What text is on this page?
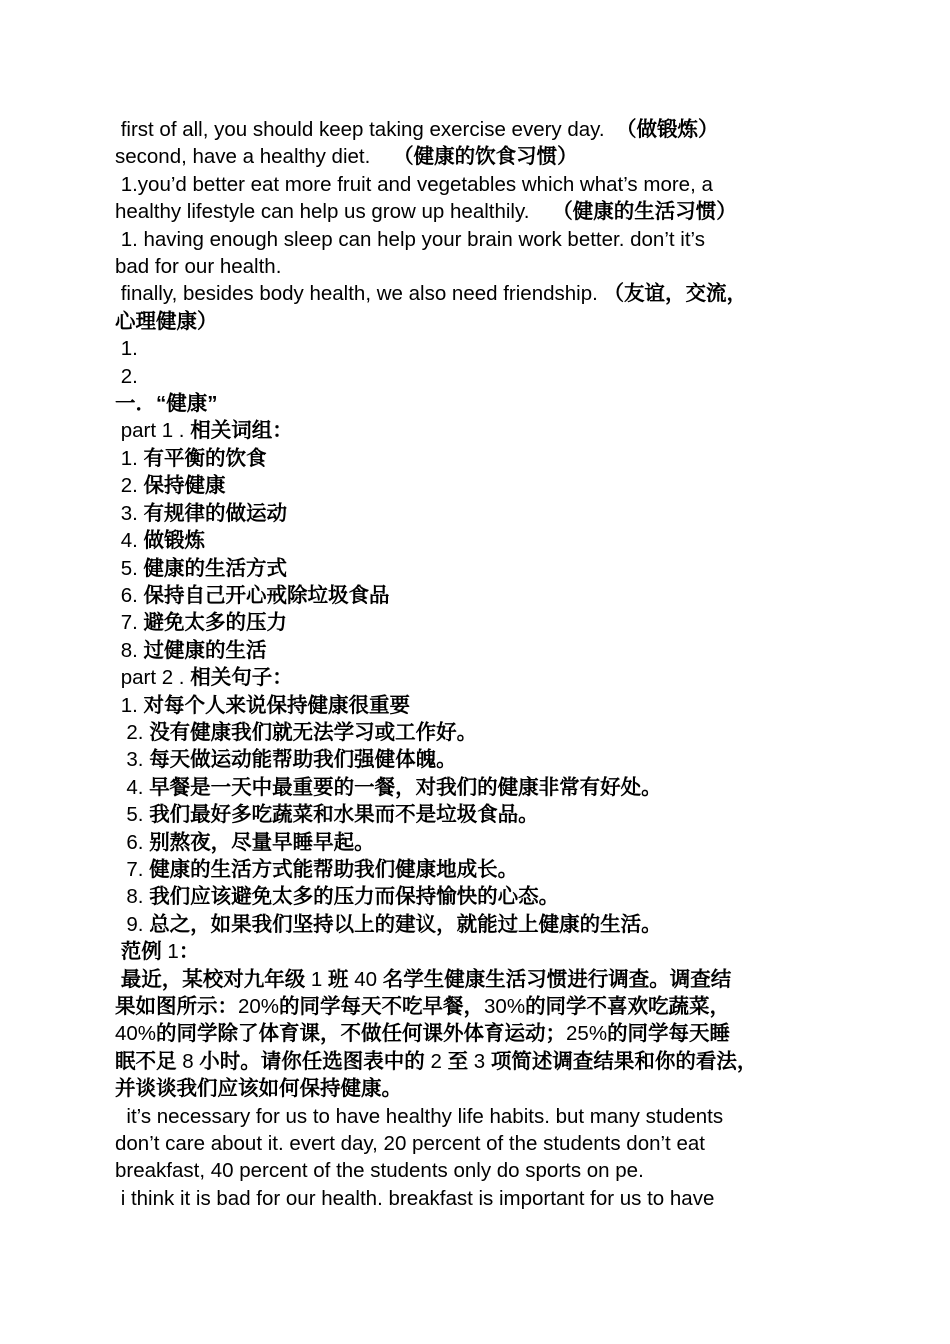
first of all, you should keep taking exercise every day.  （做锻炼）
second, have a healthy diet.    （健康的饮食习惯）
1.you’d better eat more fruit and vegetables which what’s more, a
healthy lifestyle can help us grow up healthily.    （健康的生活习惯）
1. having enough sleep can help your brain work better. don’t it’s
bad for our health.
finally, besides body health, we also need friendship. （友谊，交流，
心理健康）
1.
2.
一．“健康”
part 1 . 相关词组：
1. 有平衡的饮食
2. 保持健康
3. 有规律的做运动
4. 做锻炼
5. 健康的生活方式
6. 保持自己开心戒除垃圾食品
7. 避免太多的压力
8. 过健康的生活
part 2 . 相关句子：
1. 对每个人来说保持健康很重要
2. 没有健康我们就无法学习或工作好。
3. 每天做运动能帮助我们强健体魄。
4. 早餐是一天中最重要的一餐，对我们的健康非常有好处。
5. 我们最好多吃蔬菜和水果而不是垃圾食品。
6. 别熬夜，尽量早睡早起。
7. 健康的生活方式能帮助我们健康地成长。
8. 我们应该避免太多的压力而保持愉快的心态。
9. 总之，如果我们坚持以上的建议，就能过上健康的生活。
范例 1：
最近，某校对九年级 1 班 40 名学生健康生活习惯进行调查。调查结
果如图所示：20%的同学每天不吃早餐，30%的同学不喜欢吃蔬菜，
40%的同学除了体育课，不做任何课外体育运动；25%的同学每天睡
眠不足 8 小时。请你任选图表中的 2 至 3 项简述调查结果和你的看法，
并谈谈我们应该如何保持健康。
it’s necessary for us to have healthy life habits. but many students
don’t care about it. evert day, 20 percent of the students don’t eat
breakfast, 40 percent of the students only do sports on pe.
i think it is bad for our health. breakfast is important for us to have
